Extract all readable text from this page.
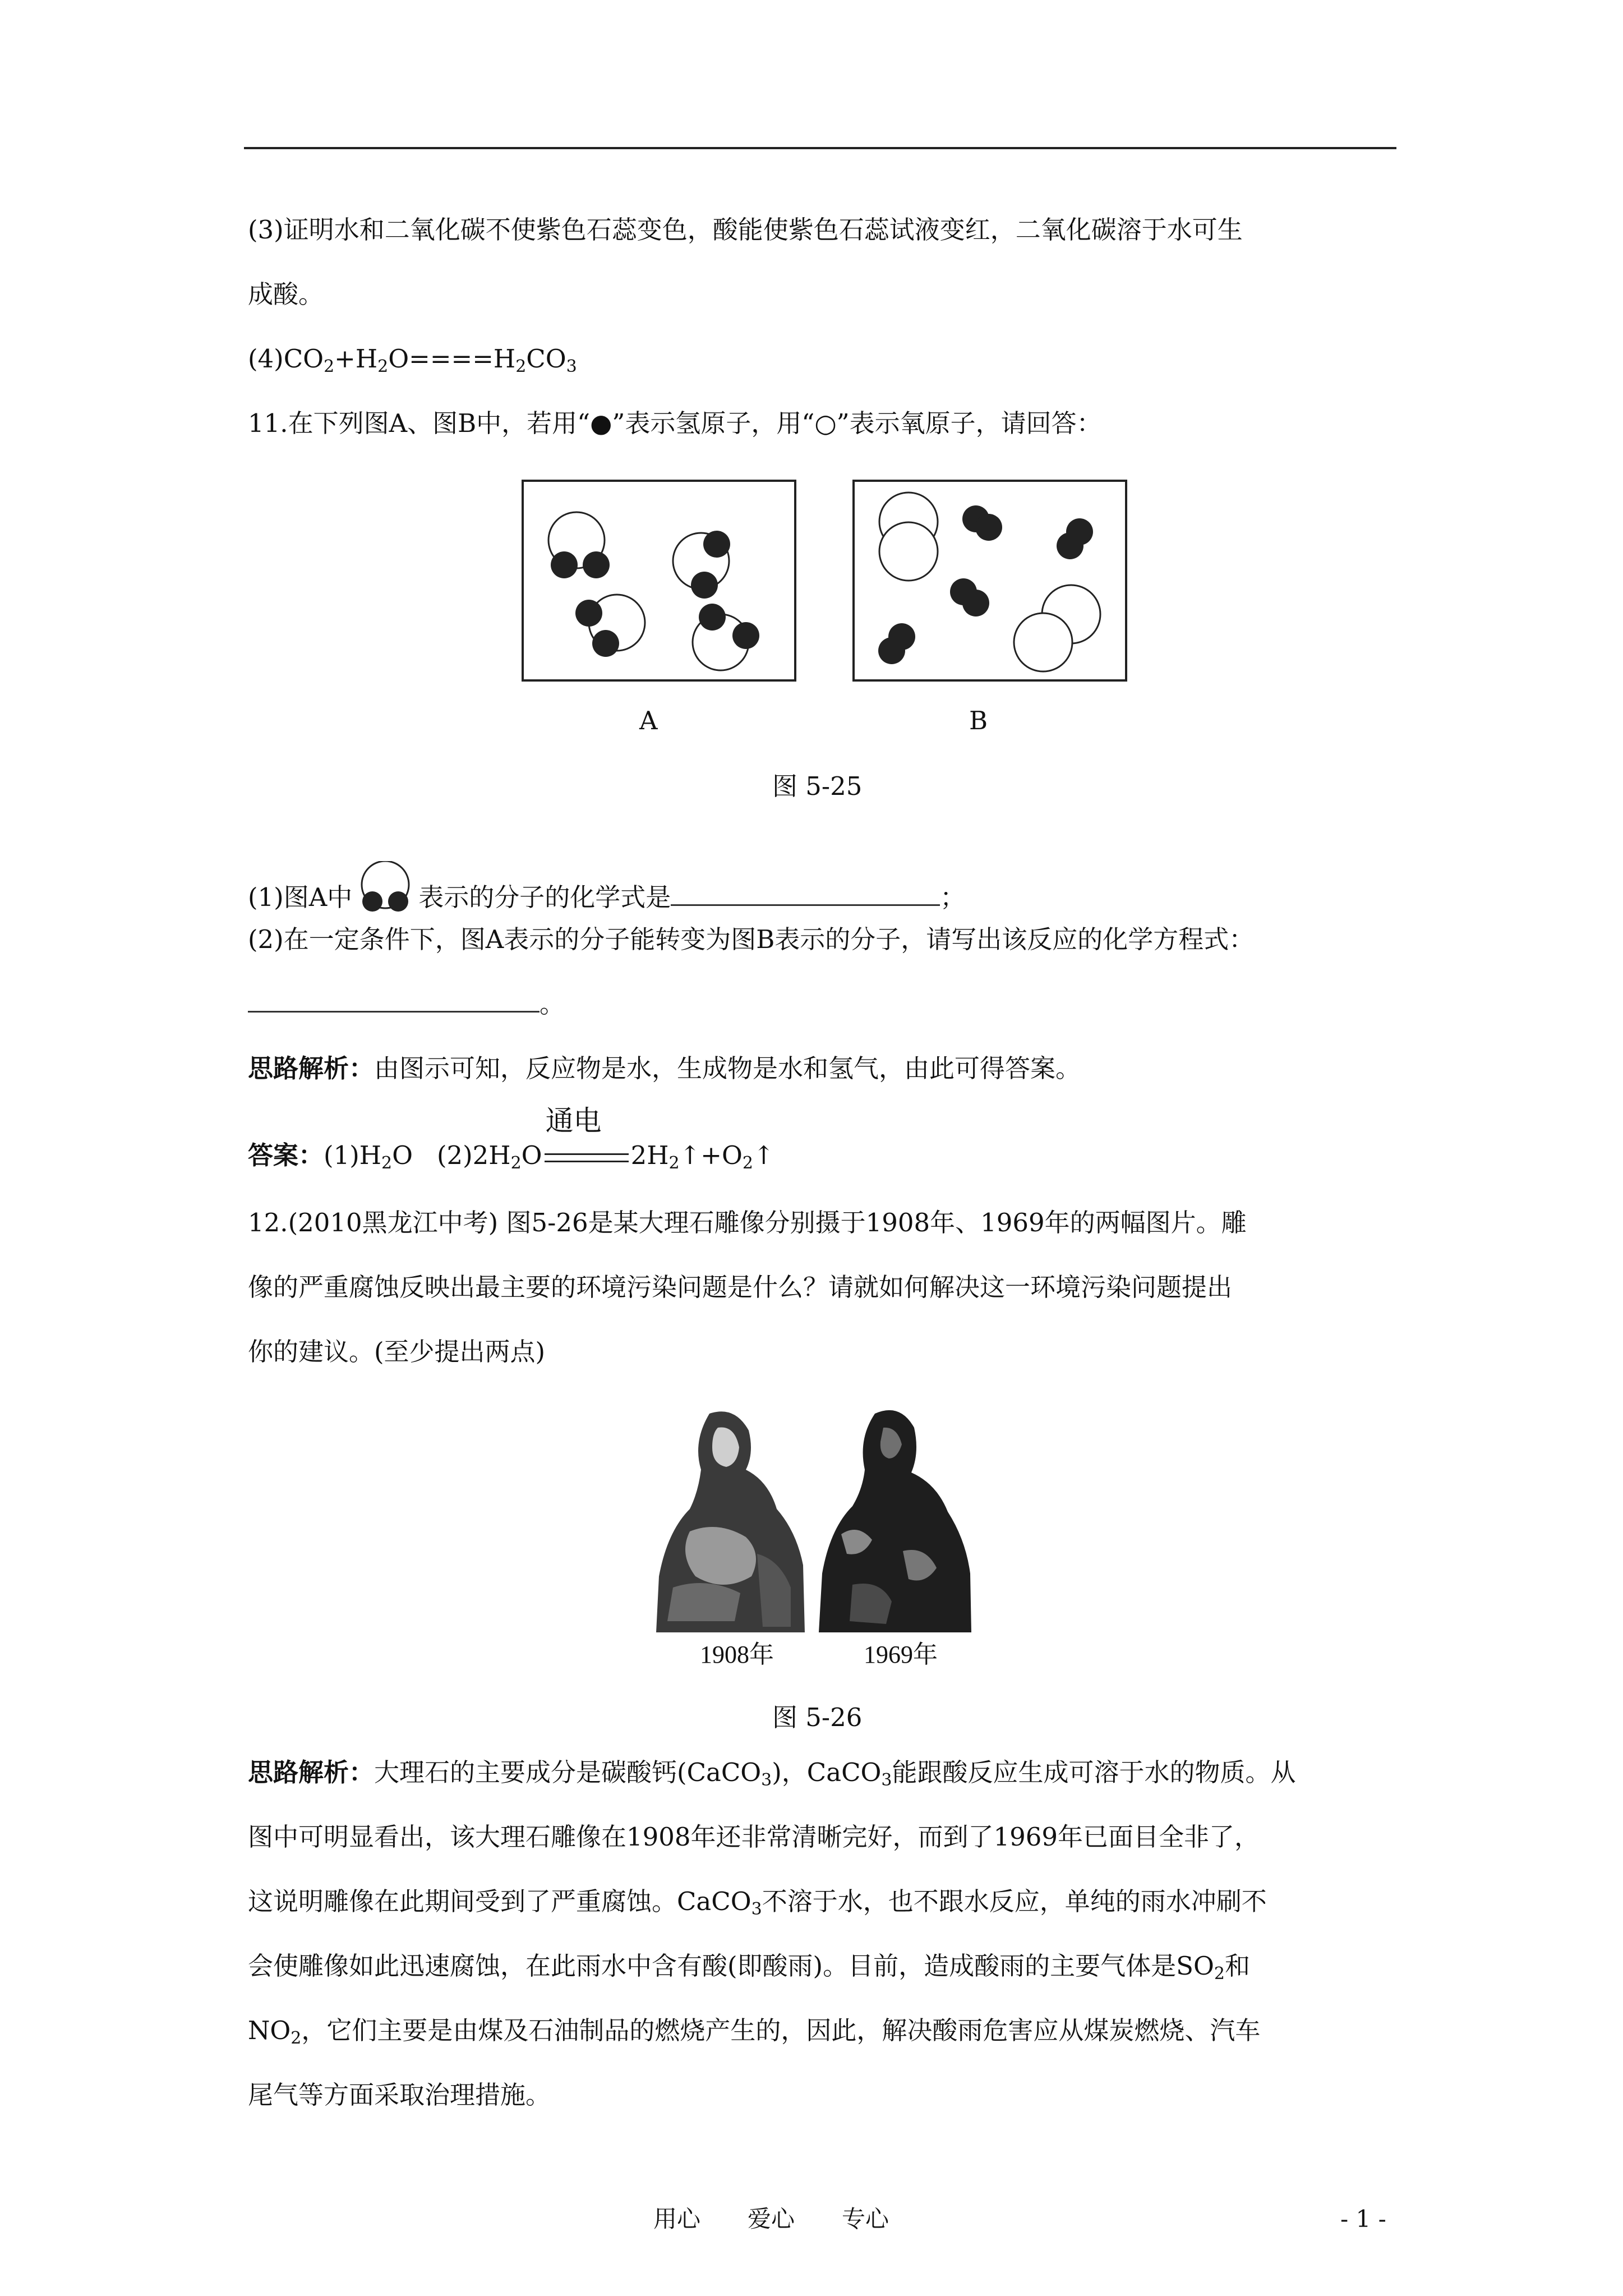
(3)证明水和二氧化碳不使紫色石蕊变色，酸能使紫色石蕊试液变红，二氧化碳溶于水可生
成酸。
$(4)CO_2+H_2O====H_2CO_3$
11.在下列图A、图B中，若用“●”表示氢原子，用“○”表示氧原子，请回答：
A	B
图 5-25
(1)图A中	表示的分子的化学式是	；
(2)在一定条件下，图A表示的分子能转变为图B表示的分子，请写出该反应的化学方程式：
。
思路解析：由图示可知，反应物是水，生成物是水和氢气，由此可得答案。
答案：$(1)H_2O$ $(2)2H_2O$
通电
$2H_2↑+O_2↑$
12.(2010黑龙江中考) 图5-26是某大理石雕像分别摄于1908年、1969年的两幅图片。雕
像的严重腐蚀反映出最主要的环境污染问题是什么？请就如何解决这一环境污染问题提出
你的建议。(至少提出两点)
1908年	1969年
图 5-26
思路解析：大理石的主要成分是碳酸钙(CaCO$_3$)，CaCO$_3$能跟酸反应生成可溶于水的物质。从
图中可明显看出，该大理石雕像在1908年还非常清晰完好，而到了1969年已面目全非了，
这说明雕像在此期间受到了严重腐蚀。CaCO$_3$不溶于水，也不跟水反应，单纯的雨水冲刷不
会使雕像如此迅速腐蚀，在此雨水中含有酸(即酸雨)。目前，造成酸雨的主要气体是$SO_2$和
$NO_2$，它们主要是由煤及石油制品的燃烧产生的，因此，解决酸雨危害应从煤炭燃烧、汽车
尾气等方面采取治理措施。
用心　　爱心　　专心	- 1 -
